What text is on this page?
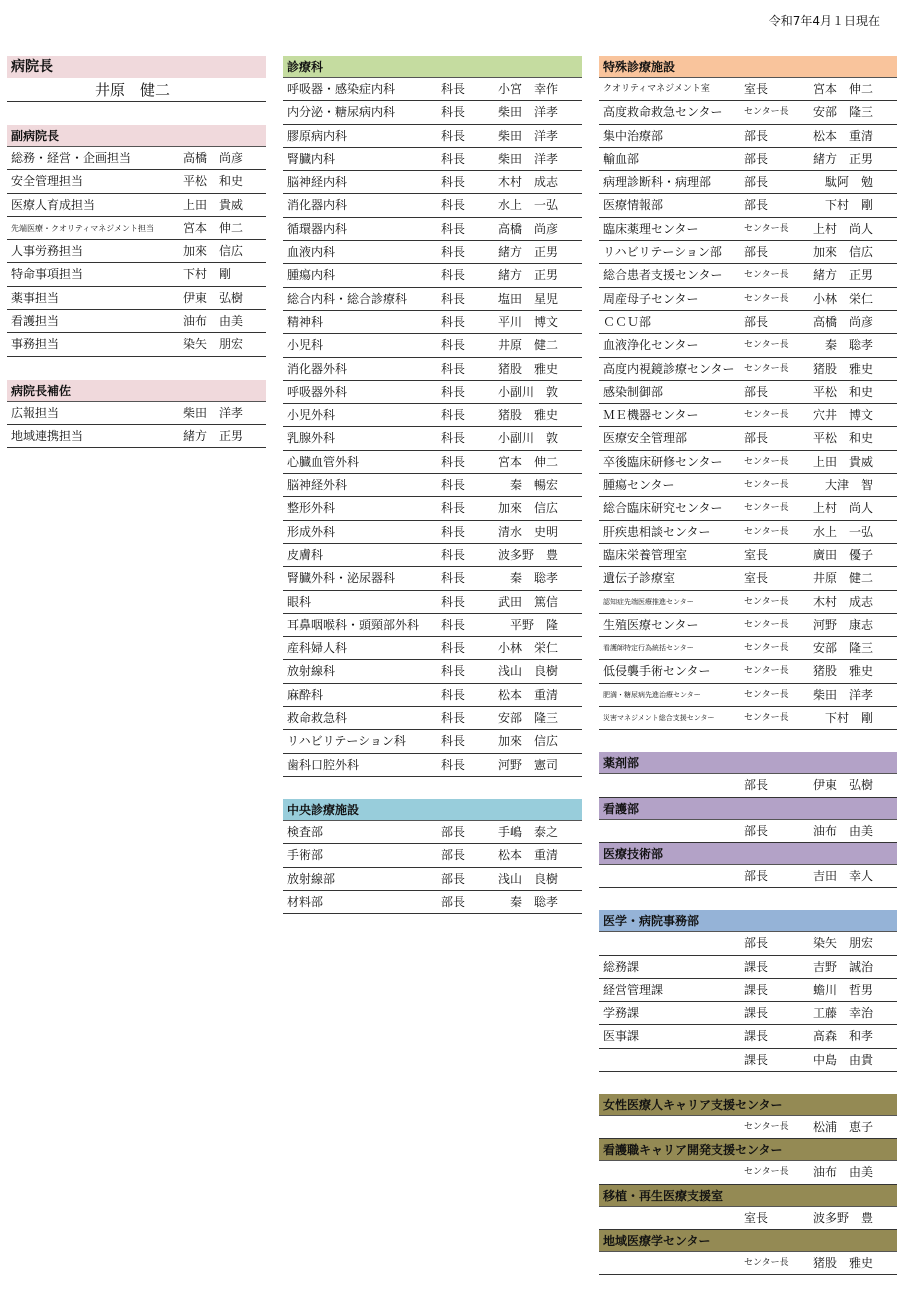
令和7年4月１日現在
病院長
井原　健二
副病院長
総務・経営・企画担当	高橋　尚彦
安全管理担当	平松　和史
医療人育成担当	上田　貴威
先端医療・クオリティマネジメント担当 宮本　伸二
人事労務担当	加來　信広
特命事項担当	下村　剛
薬事担当	伊東　弘樹
看護担当	油布　由美
事務担当	染矢　朋宏
病院長補佐
広報担当	柴田　洋孝
地域連携担当	緒方　正男
診療科
呼吸器・感染症内科	科長	小宮　幸作
内分泌・糖尿病内科	科長	柴田　洋孝
膠原病内科	科長	柴田　洋孝
腎臓内科	科長	柴田　洋孝
脳神経内科	科長	木村　成志
消化器内科	科長	水上　一弘
循環器内科	科長	高橋　尚彦
血液内科	科長	緒方　正男
腫瘍内科	科長	緒方　正男
総合内科・総合診療科	科長	塩田　星児
精神科	科長	平川　博文
小児科	科長	井原　健二
消化器外科	科長	猪股　雅史
呼吸器外科	科長	小副川　敦
小児外科	科長	猪股　雅史
乳腺外科	科長	小副川　敦
心臓血管外科	科長	宮本　伸二
脳神経外科	科長	　秦　暢宏
整形外科	科長	加來　信広
形成外科	科長	清水　史明
皮膚科	科長	波多野　豊
腎臓外科・泌尿器科	科長	　秦　聡孝
眼科	科長	武田　篤信
耳鼻咽喉科・頭頸部外科 科長	　平野　隆
産科婦人科	科長	小林　栄仁
放射線科	科長	浅山　良樹
麻酔科	科長	松本　重清
救命救急科	科長	安部　隆三
リハビリテーション科	科長	加來　信広
歯科口腔外科	科長	河野　憲司
中央診療施設
検査部	部長	手嶋　泰之
手術部	部長	松本　重清
放射線部	部長	浅山　良樹
材料部	部長	　秦　聡孝
特殊診療施設
クオリティマネジメント室	室長	宮本　伸二
高度救命救急センター センター長 安部　隆三
集中治療部	部長	松本　重清
輸血部	部長	緒方　正男
病理診断科・病理部	部長	　駄阿　勉
医療情報部	部長	　下村　剛
臨床薬理センター	センター長 上村　尚人
リハビリテーション部 部長	加來　信広
総合患者支援センター センター長 緒方　正男
周産母子センター	センター長 小林　栄仁
ＣＣＵ部	部長	高橋　尚彦
血液浄化センター	センター長 　秦　聡孝
高度内視鏡診療センター センター長 猪股　雅史
感染制御部	部長	平松　和史
ＭＥ機器センター	センター長 穴井　博文
医療安全管理部	部長	平松　和史
卒後臨床研修センター センター長 上田　貴威
腫瘍センター	センター長 　大津　智
総合臨床研究センター センター長 上村　尚人
肝疾患相談センター	センター長 水上　一弘
臨床栄養管理室	室長	廣田　優子
遺伝子診療室	室長	井原　健二
認知症先端医療推進センター	センター長 木村　成志
生殖医療センター	センター長 河野　康志
看護師特定行為統括センター	センター長 安部　隆三
低侵襲手術センター	センター長 猪股　雅史
肥満・糖尿病先進治療センター	センター長 柴田　洋孝
災害マネジメント総合支援センター	センター長 　下村　剛
薬剤部
部長	伊東　弘樹
看護部
部長	油布　由美
医療技術部
部長	吉田　幸人
医学・病院事務部
部長	染矢　朋宏
総務課	課長	吉野　誠治
経営管理課	課長	蟾川　哲男
学務課	課長	工藤　幸治
医事課	課長	髙森　和孝
課長	中島　由貴
女性医療人キャリア支援センター
センター長 松浦　恵子
看護職キャリア開発支援センター
センター長 油布　由美
移植・再生医療支援室
室長	波多野　豊
地域医療学センター
センター長 猪股　雅史
